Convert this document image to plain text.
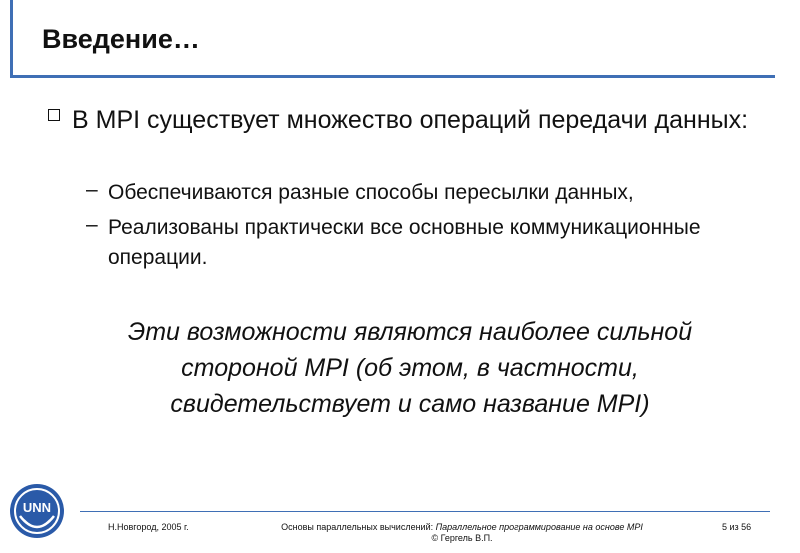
Введение…
В MPI существует множество операций передачи данных:
– Обеспечиваются разные способы пересылки данных,
– Реализованы практически все основные коммуникационные операции.
Эти возможности являются наиболее сильной стороной MPI (об этом, в частности, свидетельствует и само название MPI)
UNN
Н.Новгород, 2005 г.	Основы параллельных вычислений: Параллельное программирование на основе MPI
© Гергель В.П.
5 из 56
